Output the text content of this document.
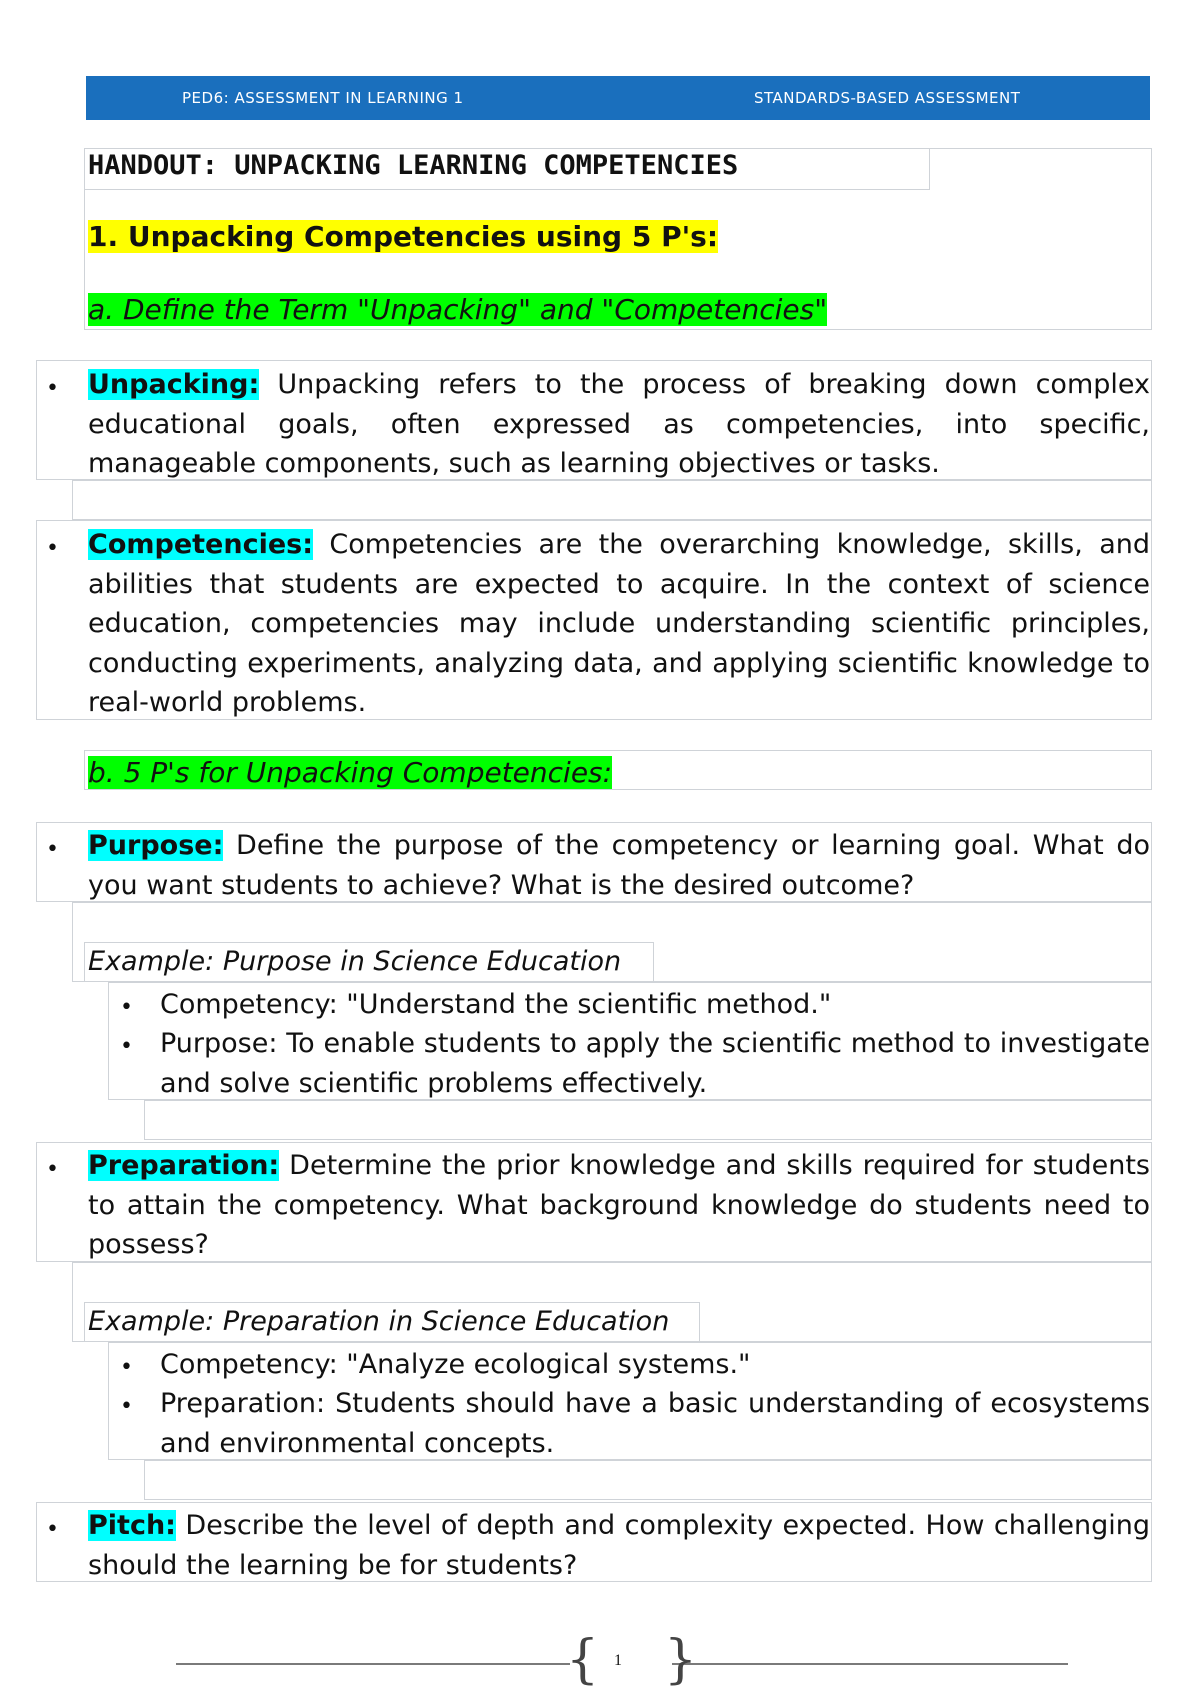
PED6: ASSESSMENT IN LEARNING 1	STANDARDS-BASED ASSESSMENT
HANDOUT: UNPACKING LEARNING COMPETENCIES
1. Unpacking Competencies using 5 P's:
a. Define the Term "Unpacking" and "Competencies"
• Unpacking: Unpacking refers to the process of breaking down complex educational goals, often expressed as competencies, into specific, manageable components, such as learning objectives or tasks.
• Competencies: Competencies are the overarching knowledge, skills, and abilities that students are expected to acquire. In the context of science education, competencies may include understanding scientific principles, conducting experiments, analyzing data, and applying scientific knowledge to real-world problems.
b. 5 P's for Unpacking Competencies:
• Purpose: Define the purpose of the competency or learning goal. What do you want students to achieve? What is the desired outcome?
Example: Purpose in Science Education
• Competency: "Understand the scientific method."
• Purpose: To enable students to apply the scientific method to investigate and solve scientific problems effectively.
• Preparation: Determine the prior knowledge and skills required for students to attain the competency. What background knowledge do students need to possess?
Example: Preparation in Science Education
• Competency: "Analyze ecological systems."
• Preparation: Students should have a basic understanding of ecosystems and environmental concepts.
• Pitch: Describe the level of depth and complexity expected. How challenging should the learning be for students?
{ }
1
